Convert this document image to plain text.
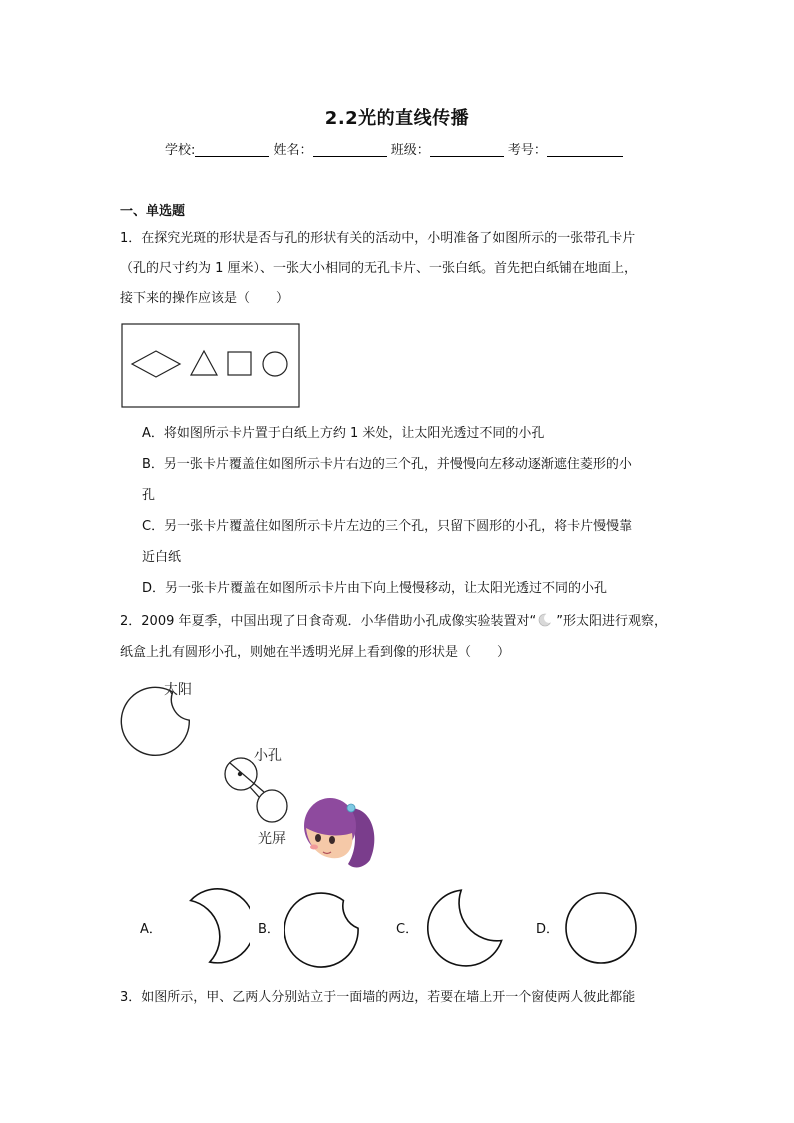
2.2光的直线传播
学校:	姓名：	班级：	考号：
一、单选题
1．在探究光斑的形状是否与孔的形状有关的活动中，小明准备了如图所示的一张带孔卡片
（孔的尺寸约为 1 厘米）、一张大小相同的无孔卡片、一张白纸。首先把白纸铺在地面上，
接下来的操作应该是（　　）
A．将如图所示卡片置于白纸上方约 1 米处，让太阳光透过不同的小孔
B．另一张卡片覆盖住如图所示卡片右边的三个孔，并慢慢向左移动逐渐遮住菱形的小
孔
C．另一张卡片覆盖住如图所示卡片左边的三个孔，只留下圆形的小孔，将卡片慢慢靠
近白纸
D．另一张卡片覆盖在如图所示卡片由下向上慢慢移动，让太阳光透过不同的小孔
2．2009 年夏季，中国出现了日食奇观．小华借助小孔成像实验装置对“ ”形太阳进行观察，
纸盒上扎有圆形小孔，则她在半透明光屏上看到像的形状是（　　）
太阳
小孔
光屏
A．	B．	C．	D．
3．如图所示，甲、乙两人分别站立于一面墙的两边，若要在墙上开一个窗使两人彼此都能
